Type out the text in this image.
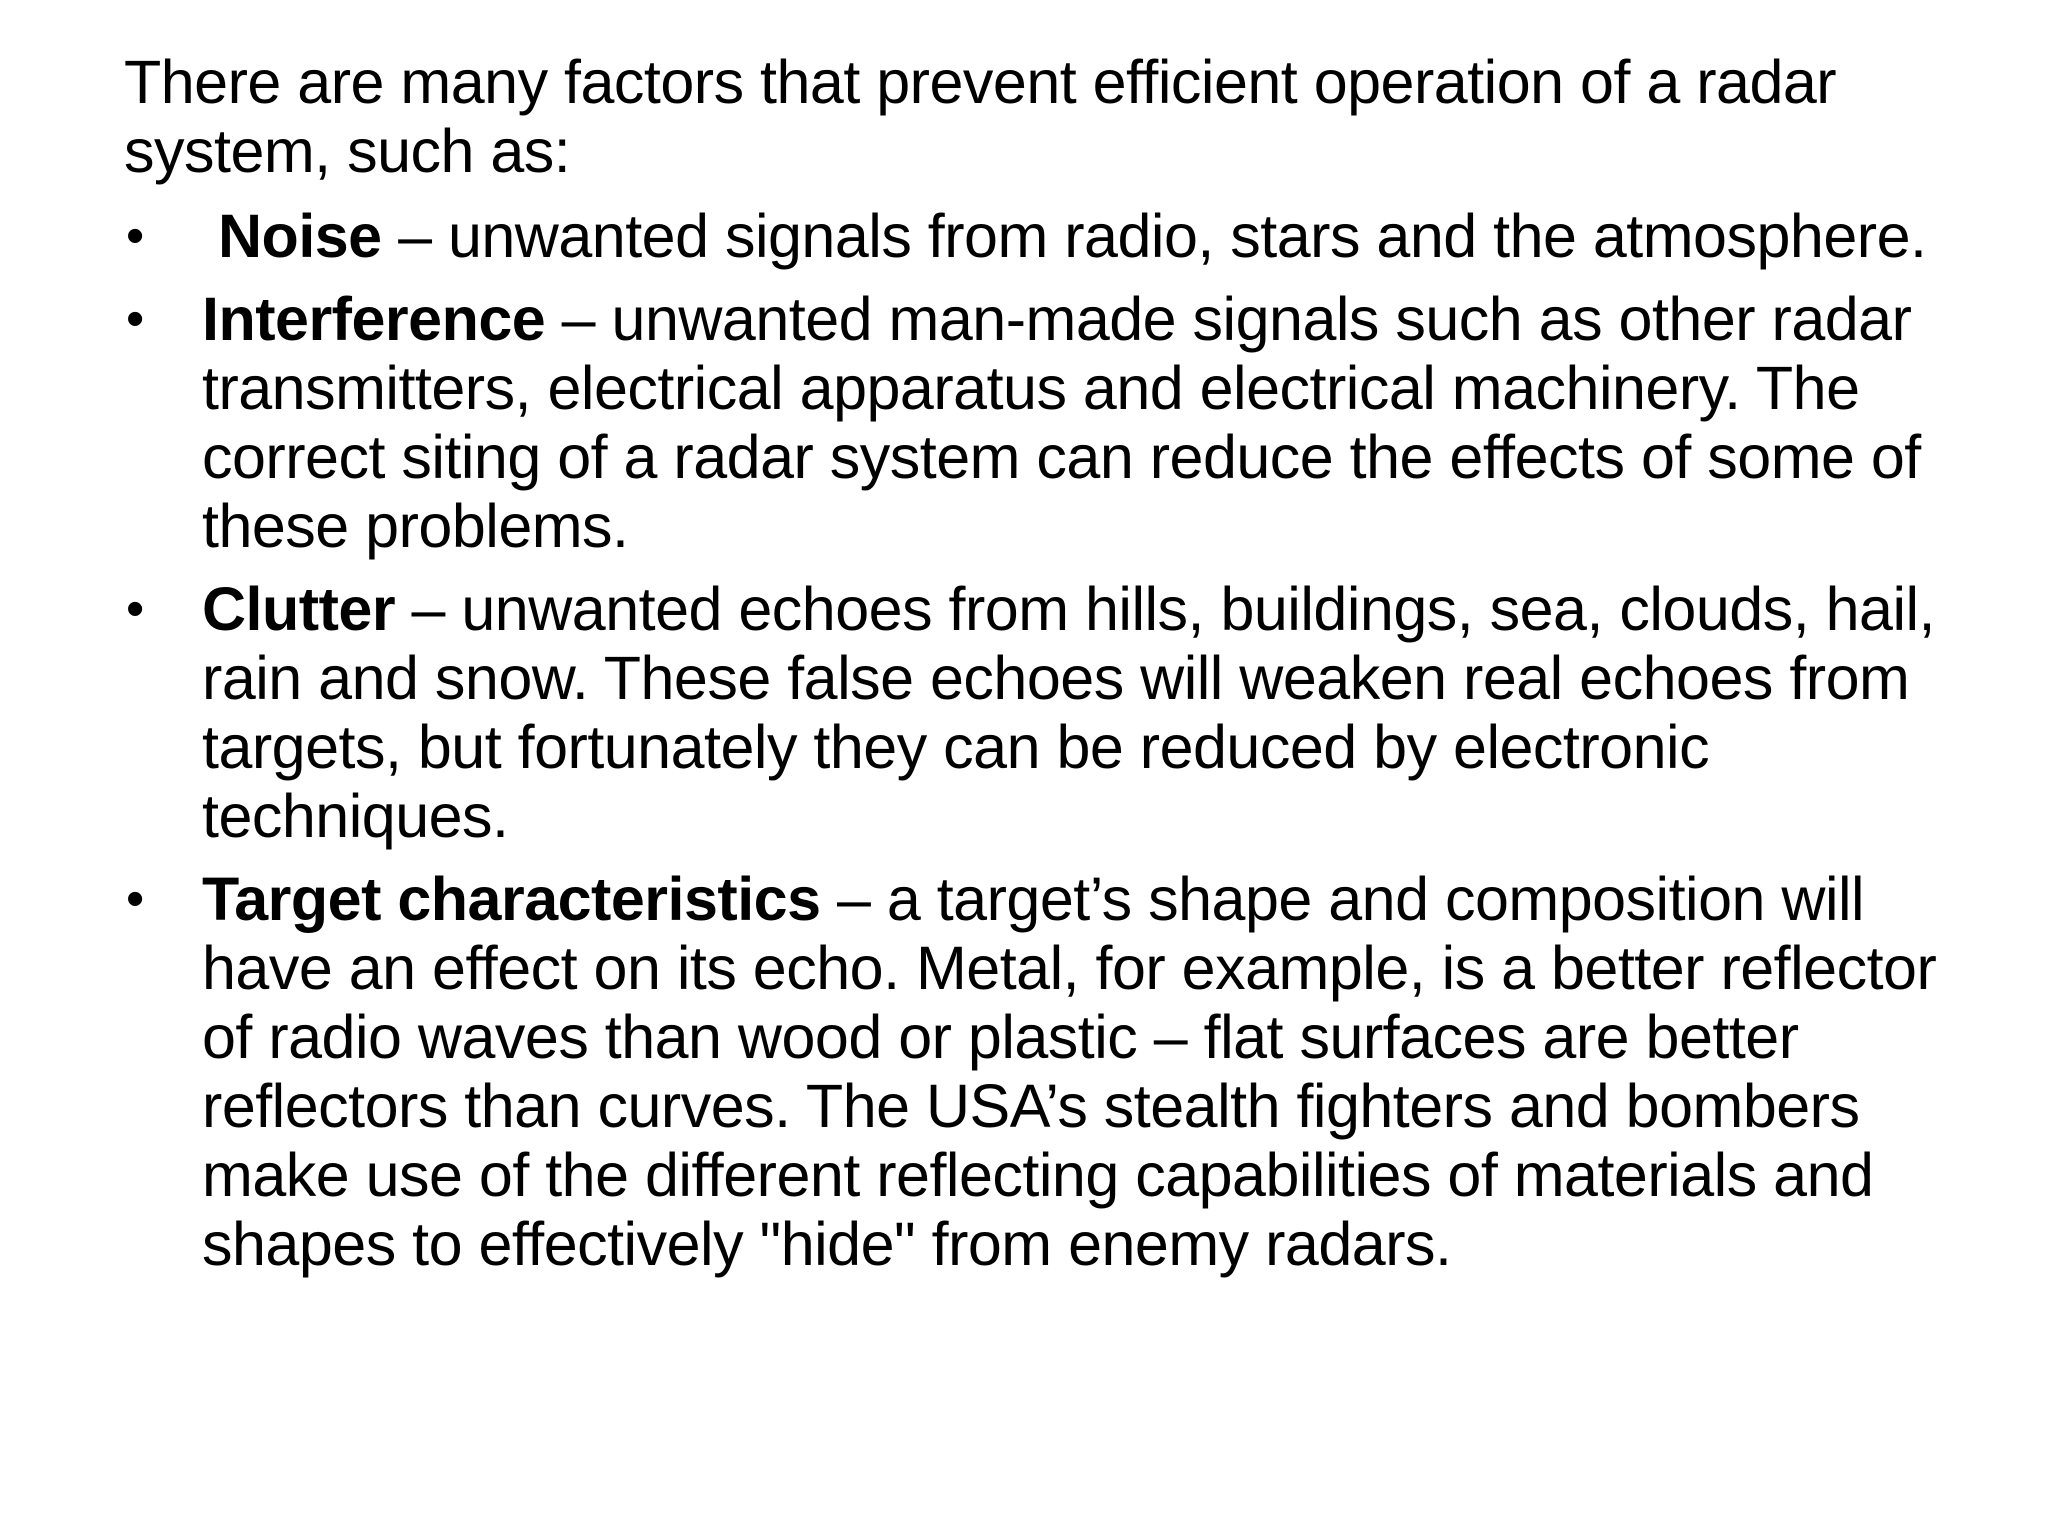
There are many factors that prevent efficient operation of a radar system, such as:

• Noise – unwanted signals from radio, stars and the atmosphere.
• Interference – unwanted man-made signals such as other radar transmitters, electrical apparatus and electrical machinery. The correct siting of a radar system can reduce the effects of some of these problems.
• Clutter – unwanted echoes from hills, buildings, sea, clouds, hail, rain and snow. These false echoes will weaken real echoes from targets, but fortunately they can be reduced by electronic techniques.
• Target characteristics – a target’s shape and composition will have an effect on its echo. Metal, for example, is a better reflector of radio waves than wood or plastic – flat surfaces are better reflectors than curves. The USA’s stealth fighters and bombers make use of the different reflecting capabilities of materials and shapes to effectively "hide" from enemy radars.
